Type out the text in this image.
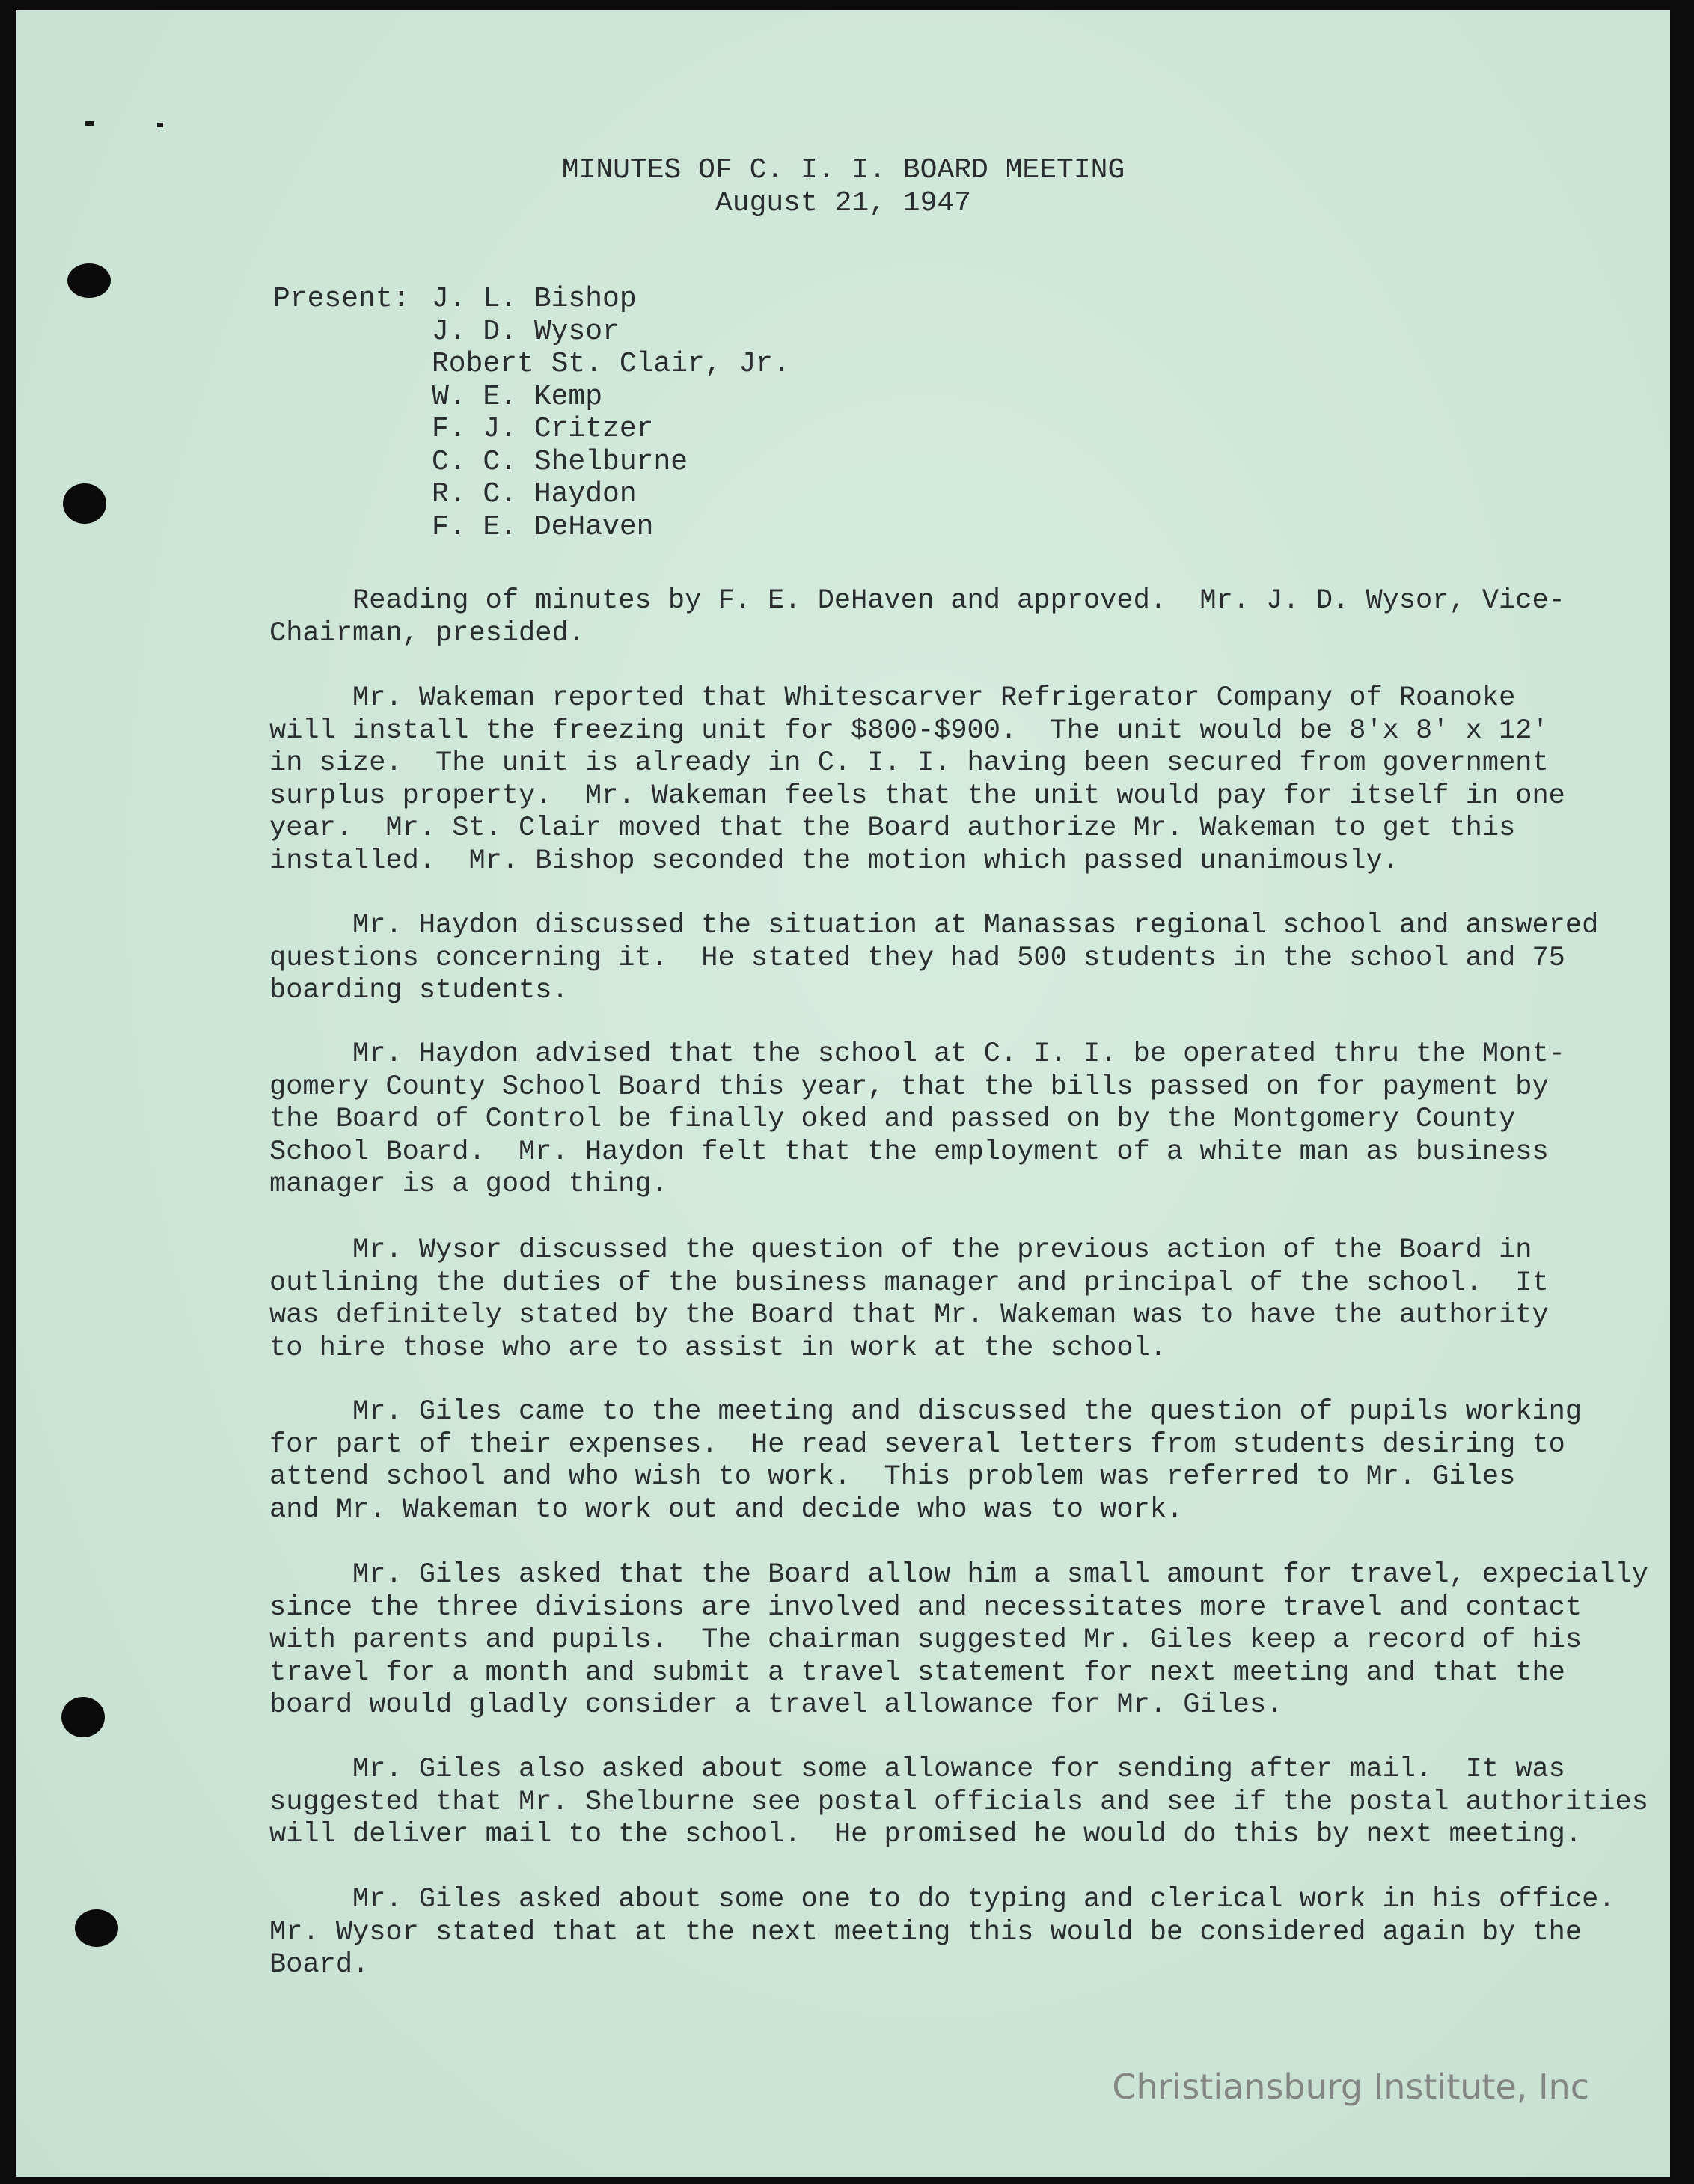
MINUTES OF C. I. I. BOARD MEETING
August 21, 1947
Present: J. L. Bishop
J. D. Wysor
Robert St. Clair, Jr.
W. E. Kemp
F. J. Critzer
C. C. Shelburne
R. C. Haydon
F. E. DeHaven
Reading of minutes by F. E. DeHaven and approved.  Mr. J. D. Wysor, Vice-
Chairman, presided.
Mr. Wakeman reported that Whitescarver Refrigerator Company of Roanoke
will install the freezing unit for $800-$900.  The unit would be 8'x 8' x 12'
in size.  The unit is already in C. I. I. having been secured from government
surplus property.  Mr. Wakeman feels that the unit would pay for itself in one
year.  Mr. St. Clair moved that the Board authorize Mr. Wakeman to get this
installed.  Mr. Bishop seconded the motion which passed unanimously.
Mr. Haydon discussed the situation at Manassas regional school and answered
questions concerning it.  He stated they had 500 students in the school and 75
boarding students.
Mr. Haydon advised that the school at C. I. I. be operated thru the Mont-
gomery County School Board this year, that the bills passed on for payment by
the Board of Control be finally oked and passed on by the Montgomery County
School Board.  Mr. Haydon felt that the employment of a white man as business
manager is a good thing.
Mr. Wysor discussed the question of the previous action of the Board in
outlining the duties of the business manager and principal of the school.  It
was definitely stated by the Board that Mr. Wakeman was to have the authority
to hire those who are to assist in work at the school.
Mr. Giles came to the meeting and discussed the question of pupils working
for part of their expenses.  He read several letters from students desiring to
attend school and who wish to work.  This problem was referred to Mr. Giles
and Mr. Wakeman to work out and decide who was to work.
Mr. Giles asked that the Board allow him a small amount for travel, expecially
since the three divisions are involved and necessitates more travel and contact
with parents and pupils.  The chairman suggested Mr. Giles keep a record of his
travel for a month and submit a travel statement for next meeting and that the
board would gladly consider a travel allowance for Mr. Giles.
Mr. Giles also asked about some allowance for sending after mail.  It was
suggested that Mr. Shelburne see postal officials and see if the postal authorities
will deliver mail to the school.  He promised he would do this by next meeting.
Mr. Giles asked about some one to do typing and clerical work in his office.
Mr. Wysor stated that at the next meeting this would be considered again by the
Board.
Christiansburg Institute, Inc
